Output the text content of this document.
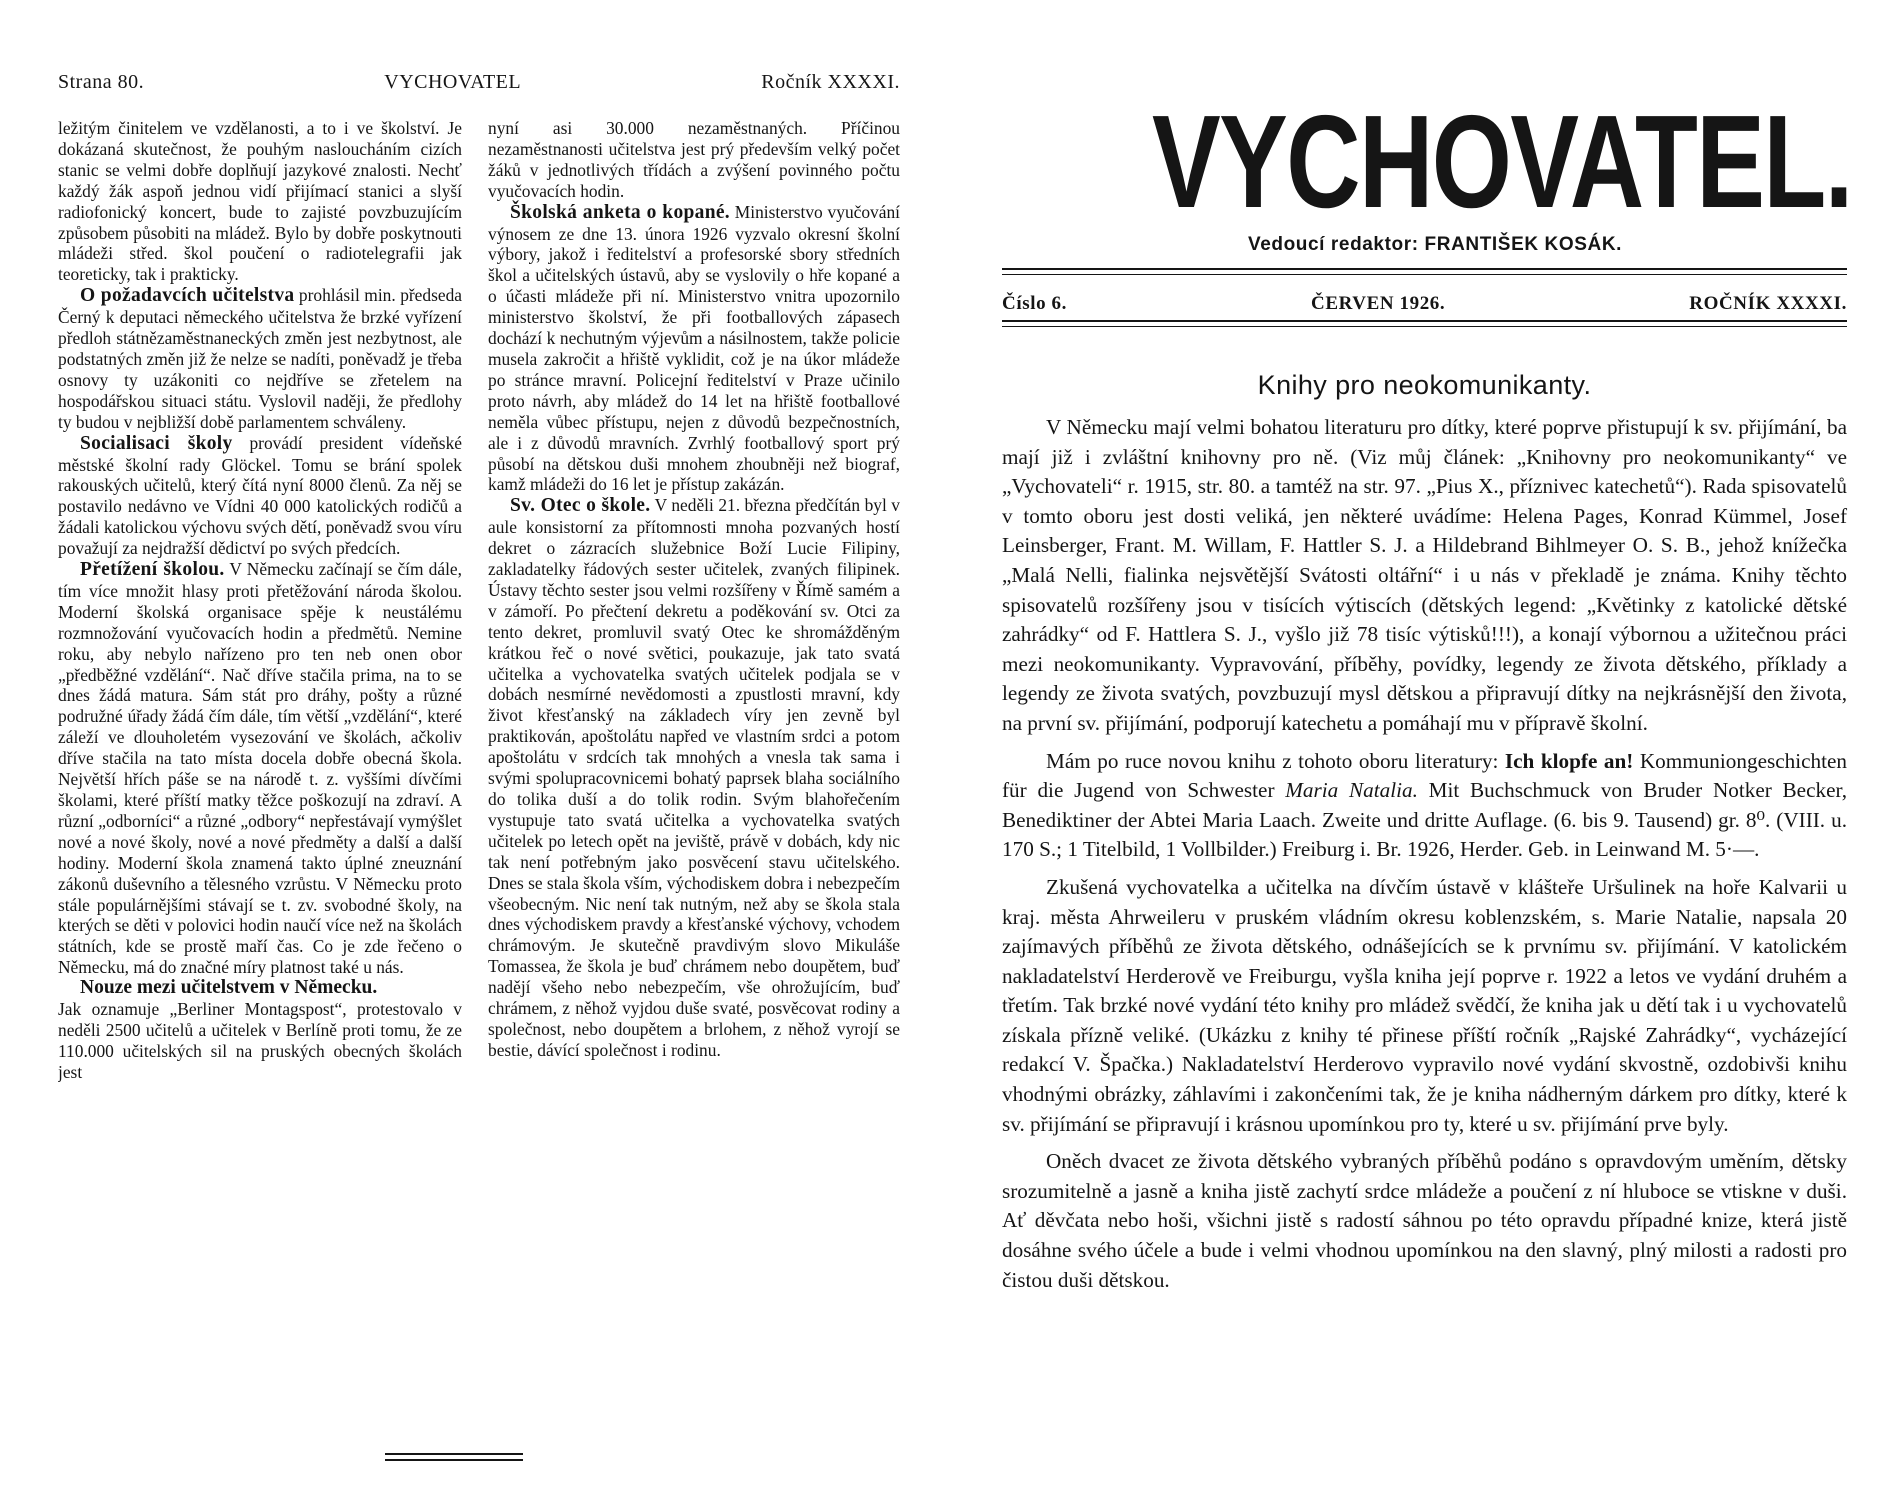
Strana 80.	VYCHOVATEL	Ročník XXXXI.

ležitým činitelem ve vzdělanosti, a to i ve školství. Je dokázaná skutečnost, že pouhým nasloucháním cizích stanic se velmi dobře doplňují jazykové znalosti. Nechť každý žák aspoň jednou vidí přijímací stanici a slyší radiofonický koncert, bude to zajisté povzbuzujícím způsobem působiti na mládež. Bylo by dobře poskytnouti mládeži střed. škol poučení o radiotelegrafii jak teoreticky, tak i prakticky.

O požadavcích učitelstva prohlásil min. předseda Černý k deputaci německého učitelstva že brzké vyřízení předloh státnězaměstnaneckých změn jest nezbytnost, ale podstatných změn již že nelze se nadíti, poněvadž je třeba osnovy ty uzákoniti co nejdříve se zřetelem na hospodářskou situaci státu. Vyslovil naději, že předlohy ty budou v nejbližší době parlamentem schváleny.

Socialisaci školy provádí president vídeňské městské školní rady Glöckel. Tomu se brání spolek rakouských učitelů, který čítá nyní 8000 členů. Za něj se postavilo nedávno ve Vídni 40 000 katolických rodičů a žádali katolickou výchovu svých dětí, poněvadž svou víru považují za nejdražší dědictví po svých předcích.

Přetížení školou. V Německu začínají se čím dále, tím více množit hlasy proti přetěžování národa školou. Moderní školská organisace spěje k neustálému rozmnožování vyučovacích hodin a předmětů. Nemine roku, aby nebylo nařízeno pro ten neb onen obor „předběžné vzdělání“. Nač dříve stačila prima, na to se dnes žádá matura. Sám stát pro dráhy, pošty a různé podružné úřady žádá čím dále, tím větší „vzdělání“, které záleží ve dlouholetém vysezování ve školách, ačkoliv dříve stačila na tato místa docela dobře obecná škola. Největší hřích páše se na národě t. z. vyššími dívčími školami, které příští matky těžce poškozují na zdraví. A různí „odborníci“ a různé „odbory“ nepřestávají vymýšlet nové a nové školy, nové a nové předměty a další a další hodiny. Moderní škola znamená takto úplné zneuznání zákonů duševního a tělesného vzrůstu. V Německu proto stále populárnějšími stávají se t. zv. svobodné školy, na kterých se děti v polovici hodin naučí více než na školách státních, kde se prostě maří čas. Co je zde řečeno o Německu, má do značné míry platnost také u nás.

Nouze mezi učitelstvem v Německu.

Jak oznamuje „Berliner Montagspost“, protestovalo v neděli 2500 učitelů a učitelek v Berlíně proti tomu, že ze 110.000 učitelských sil na pruských obecných školách jest

nyní asi 30.000 nezaměstnaných. Příčinou nezaměstnanosti učitelstva jest prý především velký počet žáků v jednotlivých třídách a zvýšení povinného počtu vyučovacích hodin.

Školská anketa o kopané. Ministerstvo vyučování výnosem ze dne 13. února 1926 vyzvalo okresní školní výbory, jakož i ředitelství a profesorské sbory středních škol a učitelských ústavů, aby se vyslovily o hře kopané a o účasti mládeže při ní. Ministerstvo vnitra upozornilo ministerstvo školství, že při footballových zápasech dochází k nechutným výjevům a násilnostem, takže policie musela zakročit a hřiště vyklidit, což je na úkor mládeže po stránce mravní. Policejní ředitelství v Praze učinilo proto návrh, aby mládež do 14 let na hřiště footballové neměla vůbec přístupu, nejen z důvodů bezpečnostních, ale i z důvodů mravních. Zvrhlý footballový sport prý působí na dětskou duši mnohem zhoubněji než biograf, kamž mládeži do 16 let je přístup zakázán.

Sv. Otec o škole. V neděli 21. března předčítán byl v aule konsistorní za přítomnosti mnoha pozvaných hostí dekret o zázracích služebnice Boží Lucie Filipiny, zakladatelky řádových sester učitelek, zvaných filipinek. Ústavy těchto sester jsou velmi rozšířeny v Římě samém a v zámoří. Po přečtení dekretu a poděkování sv. Otci za tento dekret, promluvil svatý Otec ke shromážděným krátkou řeč o nové světici, poukazuje, jak tato svatá učitelka a vychovatelka svatých učitelek podjala se v dobách nesmírné nevědomosti a zpustlosti mravní, kdy život křesťanský na základech víry jen zevně byl praktikován, apoštolátu napřed ve vlastním srdci a potom apoštolátu v srdcích tak mnohých a vnesla tak sama i svými spolupracovnicemi bohatý paprsek blaha sociálního do tolika duší a do tolik rodin. Svým blahořečením vystupuje tato svatá učitelka a vychovatelka svatých učitelek po letech opět na jeviště, právě v dobách, kdy nic tak není potřebným jako posvěcení stavu učitelského. Dnes se stala škola vším, východiskem dobra i nebezpečím všeobecným. Nic není tak nutným, než aby se škola stala dnes východiskem pravdy a křesťanské výchovy, vchodem chrámovým. Je skutečně pravdivým slovo Mikuláše Tomassea, že škola je buď chrámem nebo doupětem, buď nadějí všeho nebo nebezpečím, vše ohrožujícím, buď chrámem, z něhož vyjdou duše svaté, posvěcovat rodiny a společnost, nebo doupětem a brlohem, z něhož vyrojí se bestie, dávící společnost i rodinu.

VYCHOVATEL.
Vedoucí redaktor: FRANTIŠEK KOSÁK.
Číslo 6.	ČERVEN 1926.	ROČNÍK XXXXI.
Knihy pro neokomunikanty.

V Německu mají velmi bohatou literaturu pro dítky, které poprve přistupují k sv. přijímání, ba mají již i zvláštní knihovny pro ně. (Viz můj článek: „Knihovny pro neokomunikanty“ ve „Vychovateli“ r. 1915, str. 80. a tamtéž na str. 97. „Pius X., příznivec katechetů“). Rada spisovatelů v tomto oboru jest dosti veliká, jen některé uvádíme: Helena Pages, Konrad Kümmel, Josef Leinsberger, Frant. M. Willam, F. Hattler S. J. a Hildebrand Bihlmeyer O. S. B., jehož knížečka „Malá Nelli, fialinka nejsvětější Svátosti oltářní“ i u nás v překladě je známa. Knihy těchto spisovatelů rozšířeny jsou v tisících výtiscích (dětských legend: „Květinky z katolické dětské zahrádky“ od F. Hattlera S. J., vyšlo již 78 tisíc výtisků!!!), a konají výbornou a užitečnou práci mezi neokomunikanty. Vypravování, příběhy, povídky, legendy ze života dětského, příklady a legendy ze života svatých, povzbuzují mysl dětskou a připravují dítky na nejkrásnější den života, na první sv. přijímání, podporují katechetu a pomáhají mu v přípravě školní.

Mám po ruce novou knihu z tohoto oboru literatury: Ich klopfe an! Kommuniongeschichten für die Jugend von Schwester Maria Natalia. Mit Buchschmuck von Bruder Notker Becker, Benediktiner der Abtei Maria Laach. Zweite und dritte Auflage. (6. bis 9. Tausend) gr. 8⁰. (VIII. u. 170 S.; 1 Titelbild, 1 Vollbilder.) Freiburg i. Br. 1926, Herder. Geb. in Leinwand M. 5·—.

Zkušená vychovatelka a učitelka na dívčím ústavě v klášteře Uršulinek na hoře Kalvarii u kraj. města Ahrweileru v pruském vládním okresu koblenzském, s. Marie Natalie, napsala 20 zajímavých příběhů ze života dětského, odnášejících se k prvnímu sv. přijímání. V katolickém nakladatelství Herderově ve Freiburgu, vyšla kniha její poprve r. 1922 a letos ve vydání druhém a třetím. Tak brzké nové vydání této knihy pro mládež svědčí, že kniha jak u dětí tak i u vychovatelů získala přízně veliké. (Ukázku z knihy té přinese příští ročník „Rajské Zahrádky“, vycházející redakcí V. Špačka.) Nakladatelství Herderovo vypravilo nové vydání skvostně, ozdobivši knihu vhodnými obrázky, záhlavími i zakončeními tak, že je kniha nádherným dárkem pro dítky, které k sv. přijímání se připravují i krásnou upomínkou pro ty, které u sv. přijímání prve byly.

Oněch dvacet ze života dětského vybraných příběhů podáno s opravdovým uměním, dětsky srozumitelně a jasně a kniha jistě zachytí srdce mládeže a poučení z ní hluboce se vtiskne v duši. Ať děvčata nebo hoši, všichni jistě s radostí sáhnou po této opravdu případné knize, která jistě dosáhne svého účele a bude i velmi vhodnou upomínkou na den slavný, plný milosti a radosti pro čistou duši dětskou.
